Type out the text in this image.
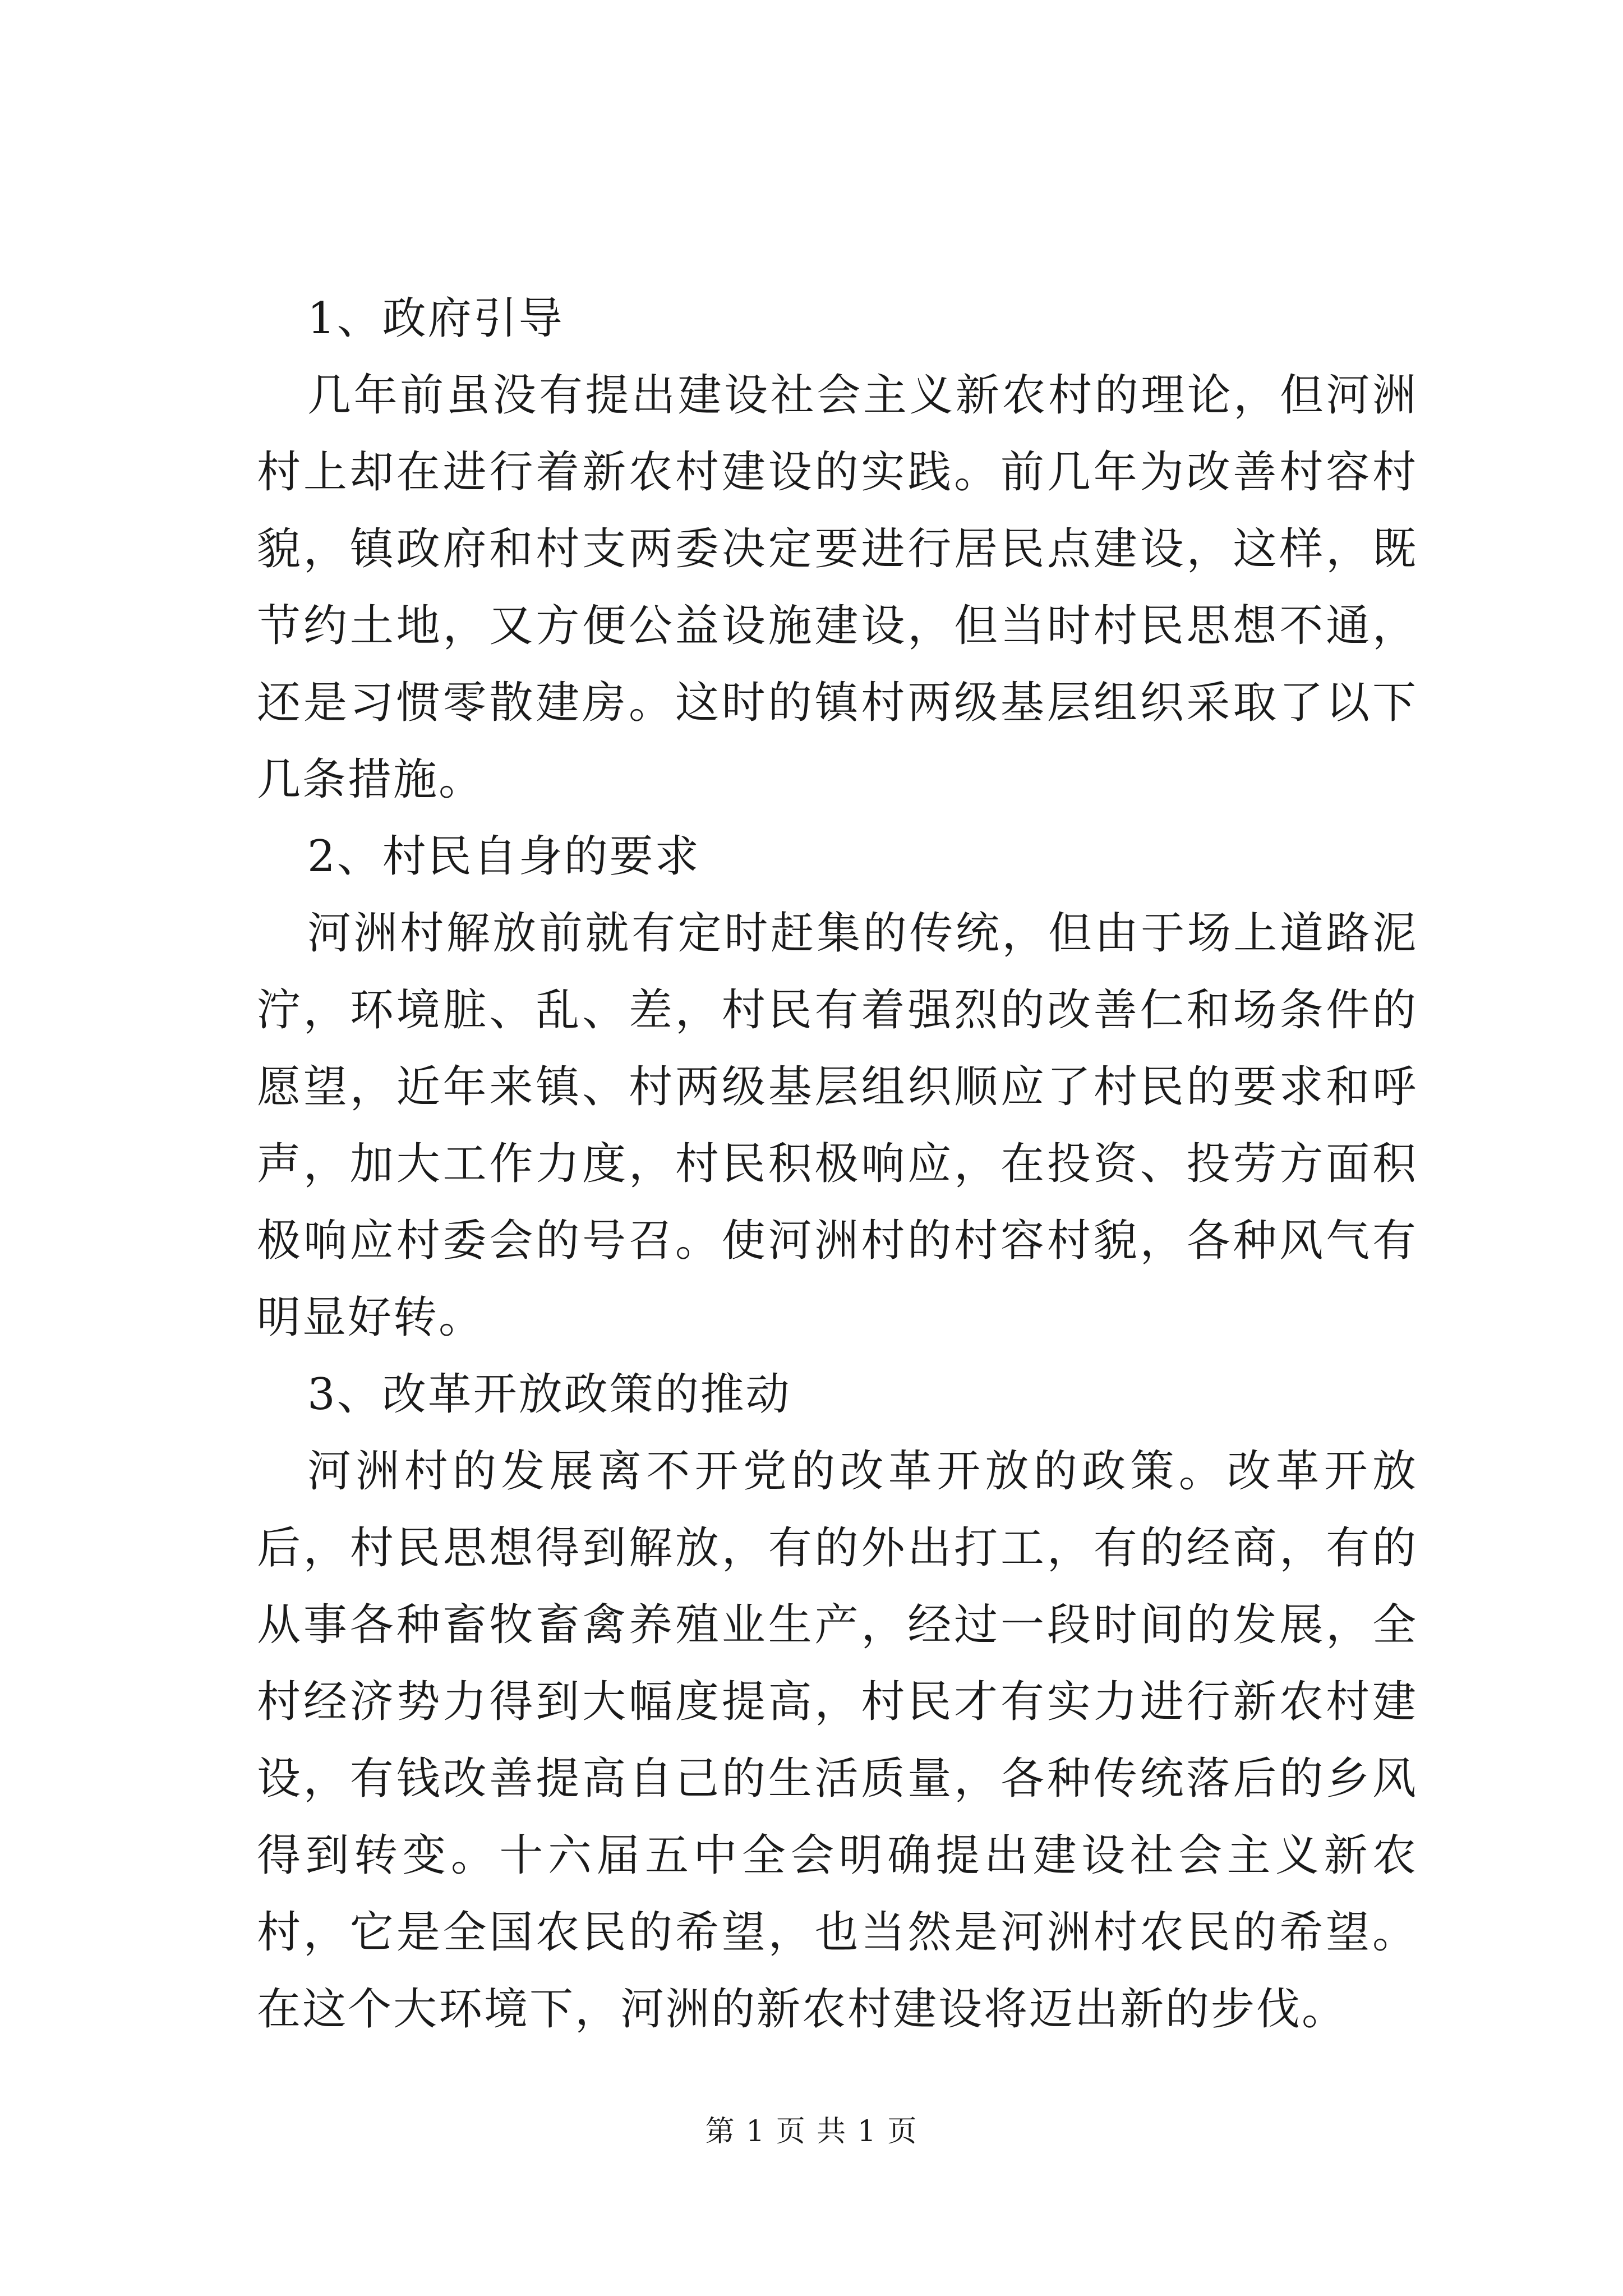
1、政府引导

几年前虽没有提出建设社会主义新农村的理论，但河洲村上却在进行着新农村建设的实践。前几年为改善村容村貌，镇政府和村支两委决定要进行居民点建设，这样，既节约土地，又方便公益设施建设，但当时村民思想不通，还是习惯零散建房。这时的镇村两级基层组织采取了以下几条措施。

2、村民自身的要求

河洲村解放前就有定时赶集的传统，但由于场上道路泥泞，环境脏、乱、差，村民有着强烈的改善仁和场条件的愿望，近年来镇、村两级基层组织顺应了村民的要求和呼声，加大工作力度，村民积极响应，在投资、投劳方面积极响应村委会的号召。使河洲村的村容村貌，各种风气有明显好转。

3、改革开放政策的推动

河洲村的发展离不开党的改革开放的政策。改革开放后，村民思想得到解放，有的外出打工，有的经商，有的从事各种畜牧畜禽养殖业生产，经过一段时间的发展，全村经济势力得到大幅度提高，村民才有实力进行新农村建设，有钱改善提高自己的生活质量，各种传统落后的乡风得到转变。十六届五中全会明确提出建设社会主义新农村，它是全国农民的希望，也当然是河洲村农民的希望。在这个大环境下，河洲的新农村建设将迈出新的步伐。

第 1 页 共 1 页
